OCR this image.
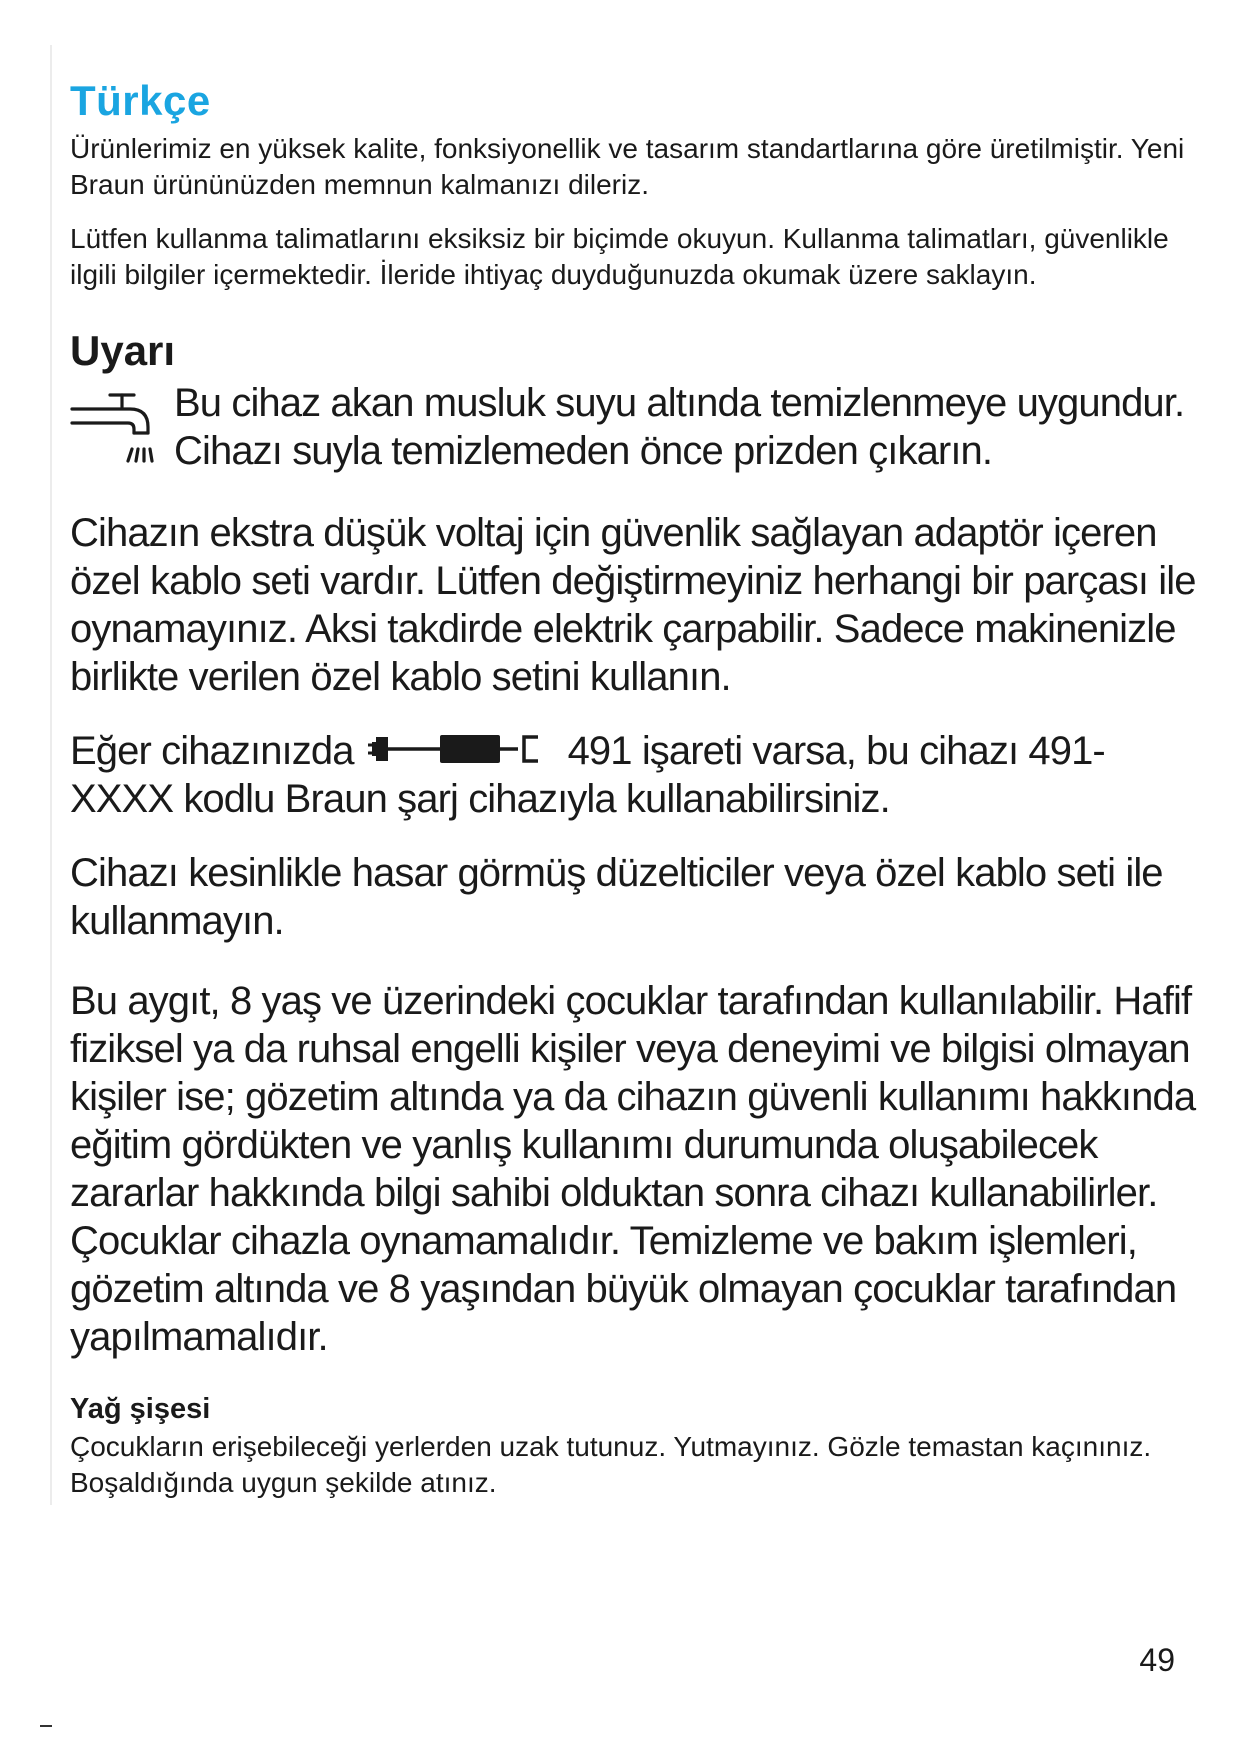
Türkçe

Ürünlerimiz en yüksek kalite, fonksiyonellik ve tasarım standartlarına göre üretilmiştir. Yeni Braun ürününüzden memnun kalmanızı dileriz.

Lütfen kullanma talimatlarını eksiksiz bir biçimde okuyun. Kullanma talimatları, güvenlikle ilgili bilgiler içermektedir. İleride ihtiyaç duyduğunuzda okumak üzere saklayın.

Uyarı

Bu cihaz akan musluk suyu altında temizlenmeye uygundur. Cihazı suyla temizlemeden önce prizden çıkarın.

Cihazın ekstra düşük voltaj için güvenlik sağlayan adaptör içeren özel kablo seti vardır. Lütfen değiştirmeyiniz herhangi bir parçası ile oynamayınız. Aksi takdirde elektrik çarpabilir. Sadece makinenizle birlikte verilen özel kablo setini kullanın.

Eğer cihazınızda	491 işareti varsa, bu cihazı 491-XXXX kodlu Braun şarj cihazıyla kullanabilirsiniz.

Cihazı kesinlikle hasar görmüş düzelticiler veya özel kablo seti ile kullanmayın.

Bu aygıt, 8 yaş ve üzerindeki çocuklar tarafından kullanılabilir. Hafif fiziksel ya da ruhsal engelli kişiler veya deneyimi ve bilgisi olmayan kişiler ise; gözetim altında ya da cihazın güvenli kullanımı hakkında eğitim gördükten ve yanlış kullanımı durumunda oluşabilecek zararlar hakkında bilgi sahibi olduktan sonra cihazı kullanabilirler. Çocuklar cihazla oynamamalıdır. Temizleme ve bakım işlemleri, gözetim altında ve 8 yaşından büyük olmayan çocuklar tarafından yapılmamalıdır.

Yağ şişesi

Çocukların erişebileceği yerlerden uzak tutunuz. Yutmayınız. Gözle temastan kaçınınız. Boşaldığında uygun şekilde atınız.

49
